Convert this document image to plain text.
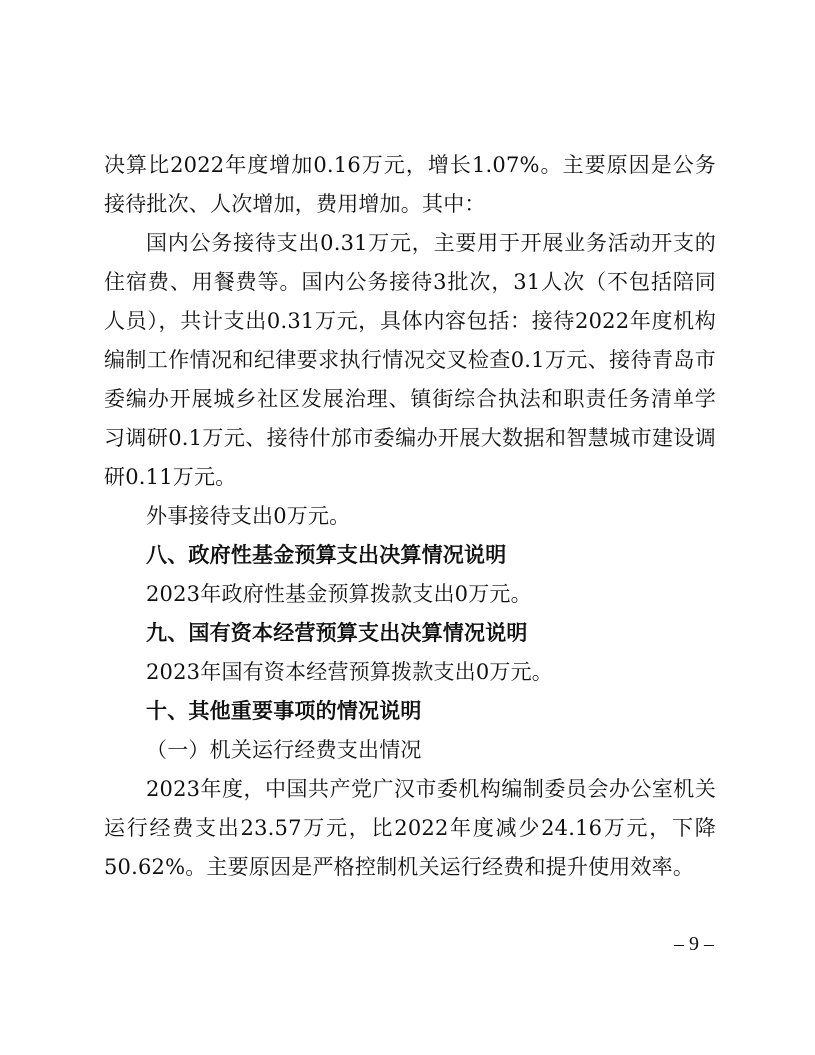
决算比2022年度增加0.16万元，增长1.07%。主要原因是公务接待批次、人次增加，费用增加。其中：

国内公务接待支出0.31万元，主要用于开展业务活动开支的住宿费、用餐费等。国内公务接待3批次，31人次（不包括陪同人员），共计支出0.31万元，具体内容包括：接待2022年度机构编制工作情况和纪律要求执行情况交叉检查0.1万元、接待青岛市委编办开展城乡社区发展治理、镇街综合执法和职责任务清单学习调研0.1万元、接待什邡市委编办开展大数据和智慧城市建设调研0.11万元。

外事接待支出0万元。

八、政府性基金预算支出决算情况说明

2023年政府性基金预算拨款支出0万元。

九、国有资本经营预算支出决算情况说明

2023年国有资本经营预算拨款支出0万元。

十、其他重要事项的情况说明

（一）机关运行经费支出情况

2023年度，中国共产党广汉市委机构编制委员会办公室机关运行经费支出23.57万元，比2022年度减少24.16万元，下降50.62%。主要原因是严格控制机关运行经费和提升使用效率。

– 9 –
